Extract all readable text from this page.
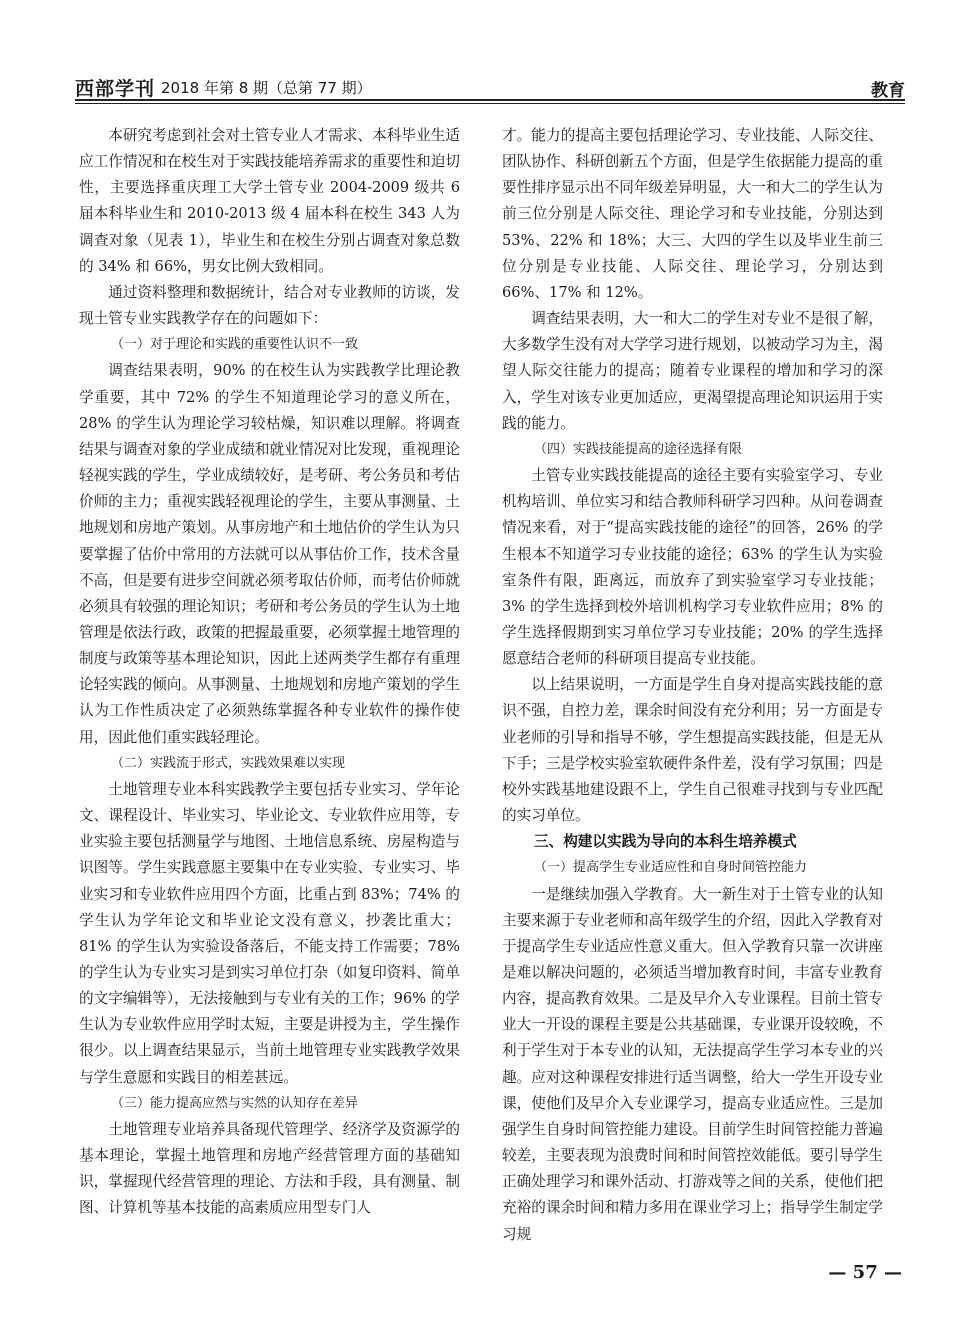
西部学刊 2018 年第 8 期（总第 77 期）	教育

本研究考虑到社会对土管专业人才需求、本科毕业生适应工作情况和在校生对于实践技能培养需求的重要性和迫切性，主要选择重庆理工大学土管专业 2004-2009 级共 6 届本科毕业生和 2010-2013 级 4 届本科在校生 343 人为调查对象（见表 1），毕业生和在校生分别占调查对象总数的 34% 和 66%，男女比例大致相同。

通过资料整理和数据统计，结合对专业教师的访谈，发现土管专业实践教学存在的问题如下：

（一）对于理论和实践的重要性认识不一致

调查结果表明，90% 的在校生认为实践教学比理论教学重要，其中 72% 的学生不知道理论学习的意义所在，28% 的学生认为理论学习较枯燥，知识难以理解。将调查结果与调查对象的学业成绩和就业情况对比发现，重视理论轻视实践的学生，学业成绩较好，是考研、考公务员和考估价师的主力；重视实践轻视理论的学生，主要从事测量、土地规划和房地产策划。从事房地产和土地估价的学生认为只要掌握了估价中常用的方法就可以从事估价工作，技术含量不高，但是要有进步空间就必须考取估价师，而考估价师就必须具有较强的理论知识；考研和考公务员的学生认为土地管理是依法行政，政策的把握最重要，必须掌握土地管理的制度与政策等基本理论知识，因此上述两类学生都存有重理论轻实践的倾向。从事测量、土地规划和房地产策划的学生认为工作性质决定了必须熟练掌握各种专业软件的操作使用，因此他们重实践轻理论。

（二）实践流于形式，实践效果难以实现

土地管理专业本科实践教学主要包括专业实习、学年论文、课程设计、毕业实习、毕业论文、专业软件应用等，专业实验主要包括测量学与地图、土地信息系统、房屋构造与识图等。学生实践意愿主要集中在专业实验、专业实习、毕业实习和专业软件应用四个方面，比重占到 83%；74% 的学生认为学年论文和毕业论文没有意义，抄袭比重大；81% 的学生认为实验设备落后，不能支持工作需要；78% 的学生认为专业实习是到实习单位打杂（如复印资料、简单的文字编辑等），无法接触到与专业有关的工作；96% 的学生认为专业软件应用学时太短，主要是讲授为主，学生操作很少。以上调查结果显示，当前土地管理专业实践教学效果与学生意愿和实践目的相差甚远。

（三）能力提高应然与实然的认知存在差异

土地管理专业培养具备现代管理学、经济学及资源学的基本理论，掌握土地管理和房地产经营管理方面的基础知识，掌握现代经营管理的理论、方法和手段，具有测量、制图、计算机等基本技能的高素质应用型专门人

才。能力的提高主要包括理论学习、专业技能、人际交往、团队协作、科研创新五个方面，但是学生依据能力提高的重要性排序显示出不同年级差异明显，大一和大二的学生认为前三位分别是人际交往、理论学习和专业技能，分别达到 53%、22% 和 18%；大三、大四的学生以及毕业生前三位分别是专业技能、人际交往、理论学习，分别达到 66%、17% 和 12%。

调查结果表明，大一和大二的学生对专业不是很了解，大多数学生没有对大学学习进行规划，以被动学习为主，渴望人际交往能力的提高；随着专业课程的增加和学习的深入，学生对该专业更加适应，更渴望提高理论知识运用于实践的能力。

（四）实践技能提高的途径选择有限

土管专业实践技能提高的途径主要有实验室学习、专业机构培训、单位实习和结合教师科研学习四种。从问卷调查情况来看，对于“提高实践技能的途径”的回答，26% 的学生根本不知道学习专业技能的途径；63% 的学生认为实验室条件有限，距离远，而放弃了到实验室学习专业技能；3% 的学生选择到校外培训机构学习专业软件应用；8% 的学生选择假期到实习单位学习专业技能；20% 的学生选择愿意结合老师的科研项目提高专业技能。

以上结果说明，一方面是学生自身对提高实践技能的意识不强，自控力差，课余时间没有充分利用；另一方面是专业老师的引导和指导不够，学生想提高实践技能，但是无从下手；三是学校实验室软硬件条件差，没有学习氛围；四是校外实践基地建设跟不上，学生自己很难寻找到与专业匹配的实习单位。

三、构建以实践为导向的本科生培养模式
（一）提高学生专业适应性和自身时间管控能力

一是继续加强入学教育。大一新生对于土管专业的认知主要来源于专业老师和高年级学生的介绍，因此入学教育对于提高学生专业适应性意义重大。但入学教育只靠一次讲座是难以解决问题的，必须适当增加教育时间，丰富专业教育内容，提高教育效果。二是及早介入专业课程。目前土管专业大一开设的课程主要是公共基础课，专业课开设较晚，不利于学生对于本专业的认知，无法提高学生学习本专业的兴趣。应对这种课程安排进行适当调整，给大一学生开设专业课，使他们及早介入专业课学习，提高专业适应性。三是加强学生自身时间管控能力建设。目前学生时间管控能力普遍较差，主要表现为浪费时间和时间管控效能低。要引导学生正确处理学习和课外活动、打游戏等之间的关系，使他们把充裕的课余时间和精力多用在课业学习上；指导学生制定学习规

— 57 —
